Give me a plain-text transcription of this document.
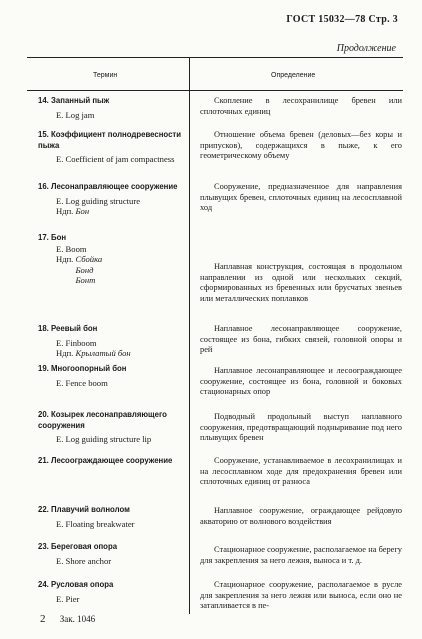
ГОСТ 15032—78 Стр. 3
Продолжение
Термин	Определение
14. Запанный пыж
E. Log jam
Скопление в лесохранилище бревен или сплоточных единиц
15. Коэффициент полнодревесности пыжа
E. Coefficient of jam compactness
Отношение объема бревен (деловых—без коры и припусков), содержащихся в пыже, к его геометрическому объему
16. Лесонаправляющее сооружение
E. Log guiding structure
Ндп. Бон
Сооружение, предназначенное для направления плывущих бревен, сплоточных единиц на лесосплавной ход
17. Бон
E. Boom
Ндп. Сбойка
Бонд
Бонт
Наплавная конструкция, состоящая в продольном направлении из одной или нескольких секций, сформированных из бревенных или брусчатых звеньев или металлических поплавков
18. Реевый бон
E. Finboom
Ндп. Крылатый бон
Наплавное лесонаправляющее сооружение, состоящее из бона, гибких связей, головной опоры и рей
19. Многоопорный бон
E. Fence boom
Наплавное лесонаправляющее и лесоограждающее сооружение, состоящее из бона, головной и боковых стационарных опор
20. Козырек лесонаправляющего сооружения
E. Log guiding structure lip
Подводный продольный выступ наплавного сооружения, предотвращающий подныривание под него плывущих бревен
21. Лесоограждающее сооружение	Сооружение, устанавливаемое в лесохранилищах и на лесосплавном ходе для предохранения бревен или сплоточных единиц от разноса
22. Плавучий волнолом
E. Floating breakwater
Наплавное сооружение, ограждающее рейдовую акваторию от волнового воздействия
23. Береговая опора
E. Shore anchor
Стационарное сооружение, располагаемое на берегу для закрепления за него лежня, выноса и т. д.
24. Русловая опора
E. Pier
Стационарное сооружение, располагаемое в русле для закрепления за него лежня или выноса, если оно не затапливается в пе-
2 Зак. 1046
